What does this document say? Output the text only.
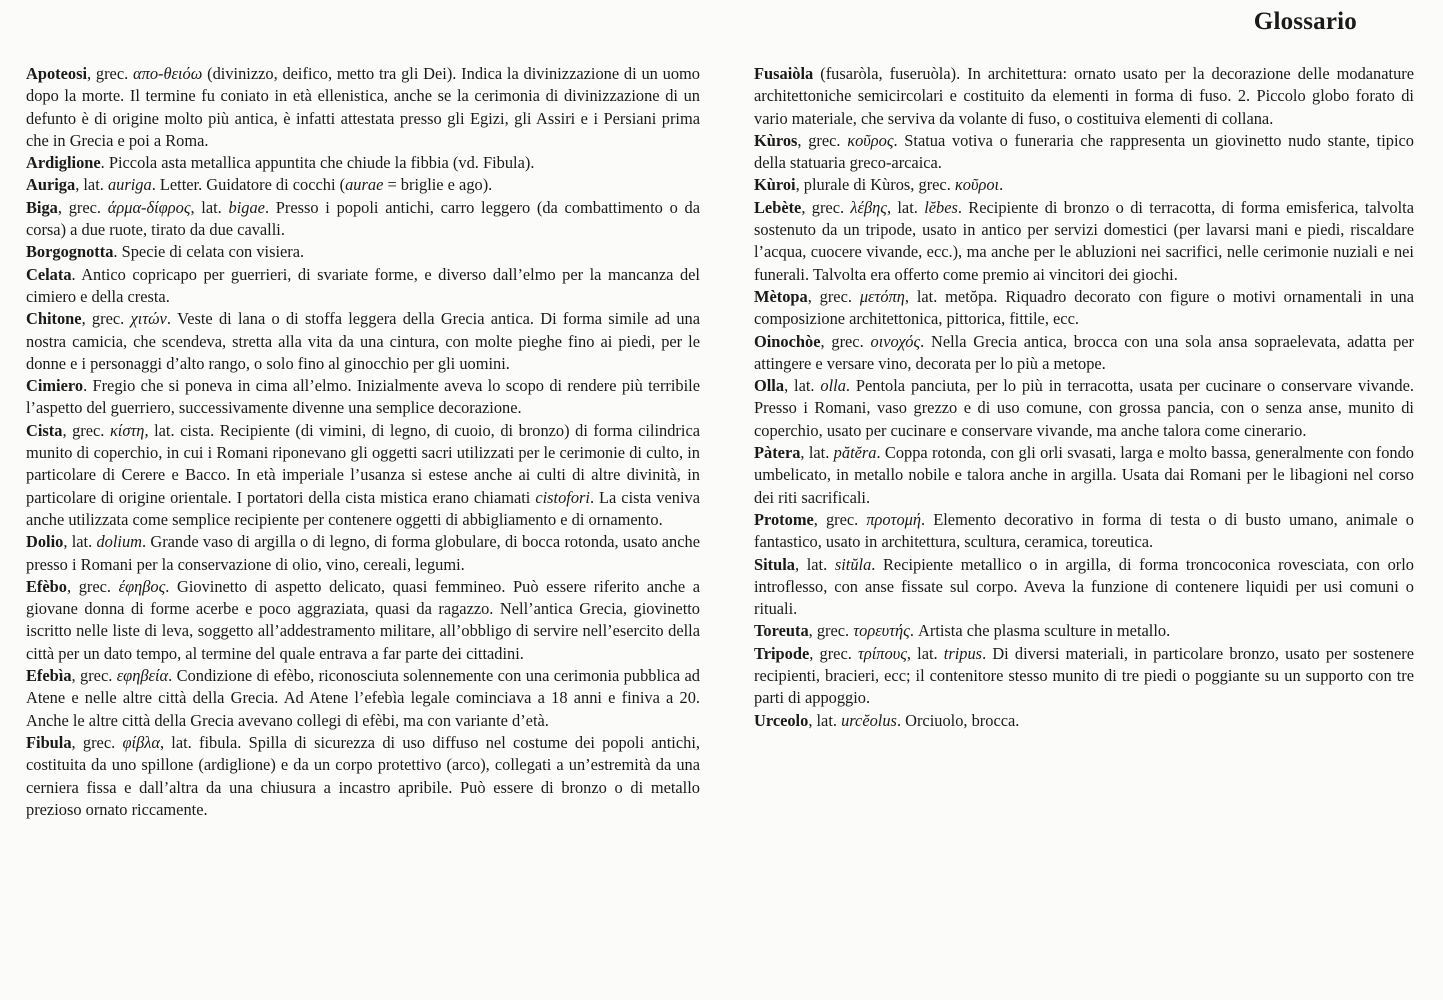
Glossario

Apoteosi, grec. απο-θειόω (divinizzo, deifico, metto tra gli Dei). Indica la divinizzazione di un uomo dopo la morte. Il termine fu coniato in età ellenistica, anche se la cerimonia di divinizzazione di un defunto è di origine molto più antica, è infatti attestata presso gli Egizi, gli Assiri e i Persiani prima che in Grecia e poi a Roma.

Ardiglione. Piccola asta metallica appuntita che chiude la fibbia (vd. Fibula).

Auriga, lat. auriga. Letter. Guidatore di cocchi (aurae = briglie e ago).

Biga, grec. άρμα-δίφρος, lat. bigae. Presso i popoli antichi, carro leggero (da combattimento o da corsa) a due ruote, tirato da due cavalli.

Borgognotta. Specie di celata con visiera.

Celata. Antico copricapo per guerrieri, di svariate forme, e diverso dall’elmo per la mancanza del cimiero e della cresta.

Chitone, grec. χιτών. Veste di lana o di stoffa leggera della Grecia antica. Di forma simile ad una nostra camicia, che scendeva, stretta alla vita da una cintura, con molte pieghe fino ai piedi, per le donne e i personaggi d’alto rango, o solo fino al ginocchio per gli uomini.

Cimiero. Fregio che si poneva in cima all’elmo. Inizialmente aveva lo scopo di rendere più terribile l’aspetto del guerriero, successivamente divenne una semplice decorazione.

Cista, grec. κίστη, lat. cista. Recipiente (di vimini, di legno, di cuoio, di bronzo) di forma cilindrica munito di coperchio, in cui i Romani riponevano gli oggetti sacri utilizzati per le cerimonie di culto, in particolare di Cerere e Bacco. In età imperiale l’usanza si estese anche ai culti di altre divinità, in particolare di origine orientale. I portatori della cista mistica erano chiamati cistofori. La cista veniva anche utilizzata come semplice recipiente per contenere oggetti di abbigliamento e di ornamento.

Dolio, lat. dolium. Grande vaso di argilla o di legno, di forma globulare, di bocca rotonda, usato anche presso i Romani per la conservazione di olio, vino, cereali, legumi.

Efèbo, grec. έφηβος. Giovinetto di aspetto delicato, quasi femmineo. Può essere riferito anche a giovane donna di forme acerbe e poco aggraziata, quasi da ragazzo. Nell’antica Grecia, giovinetto iscritto nelle liste di leva, soggetto all’addestramento militare, all’obbligo di servire nell’esercito della città per un dato tempo, al termine del quale entrava a far parte dei cittadini.

Efebìa, grec. εφηβεία. Condizione di efèbo, riconosciuta solennemente con una cerimonia pubblica ad Atene e nelle altre città della Grecia. Ad Atene l’efebìa legale cominciava a 18 anni e finiva a 20. Anche le altre città della Grecia avevano collegi di efèbi, ma con variante d’età.

Fibula, grec. φίβλα, lat. fibula. Spilla di sicurezza di uso diffuso nel costume dei popoli antichi, costituita da uno spillone (ardiglione) e da un corpo protettivo (arco), collegati a un’estremità da una cerniera fissa e dall’altra da una chiusura a incastro apribile. Può essere di bronzo o di metallo prezioso ornato riccamente.

Fusaiòla (fusaròla, fuseruòla). In architettura: ornato usato per la decorazione delle modanature architettoniche semicircolari e costituito da elementi in forma di fuso. 2. Piccolo globo forato di vario materiale, che serviva da volante di fuso, o costituiva elementi di collana.

Kùros, grec. κοῦρος. Statua votiva o funeraria che rappresenta un giovinetto nudo stante, tipico della statuaria greco-arcaica.

Kùroi, plurale di Kùros, grec. κοῦροι.

Lebète, grec. λέβης, lat. lĕbes. Recipiente di bronzo o di terracotta, di forma emisferica, talvolta sostenuto da un tripode, usato in antico per servizi domestici (per lavarsi mani e piedi, riscaldare l’acqua, cuocere vivande, ecc.), ma anche per le abluzioni nei sacrifici, nelle cerimonie nuziali e nei funerali. Talvolta era offerto come premio ai vincitori dei giochi.

Mètopa, grec. μετόπη, lat. metŏpa. Riquadro decorato con figure o motivi ornamentali in una composizione architettonica, pittorica, fittile, ecc.

Oinochòe, grec. οινοχός. Nella Grecia antica, brocca con una sola ansa sopraelevata, adatta per attingere e versare vino, decorata per lo più a metope.

Olla, lat. olla. Pentola panciuta, per lo più in terracotta, usata per cucinare o conservare vivande. Presso i Romani, vaso grezzo e di uso comune, con grossa pancia, con o senza anse, munito di coperchio, usato per cucinare e conservare vivande, ma anche talora come cinerario.

Pàtera, lat. pătĕra. Coppa rotonda, con gli orli svasati, larga e molto bassa, generalmente con fondo umbelicato, in metallo nobile e talora anche in argilla. Usata dai Romani per le libagioni nel corso dei riti sacrificali.

Protome, grec. προτομή. Elemento decorativo in forma di testa o di busto umano, animale o fantastico, usato in architettura, scultura, ceramica, toreutica.

Situla, lat. sitŭla. Recipiente metallico o in argilla, di forma troncoconica rovesciata, con orlo introflesso, con anse fissate sul corpo. Aveva la funzione di contenere liquidi per usi comuni o rituali.

Toreuta, grec. τορευτής. Artista che plasma sculture in metallo.

Tripode, grec. τρίπους, lat. tripus. Di diversi materiali, in particolare bronzo, usato per sostenere recipienti, bracieri, ecc; il contenitore stesso munito di tre piedi o poggiante su un supporto con tre parti di appoggio.

Urceolo, lat. urcĕolus. Orciuolo, brocca.
